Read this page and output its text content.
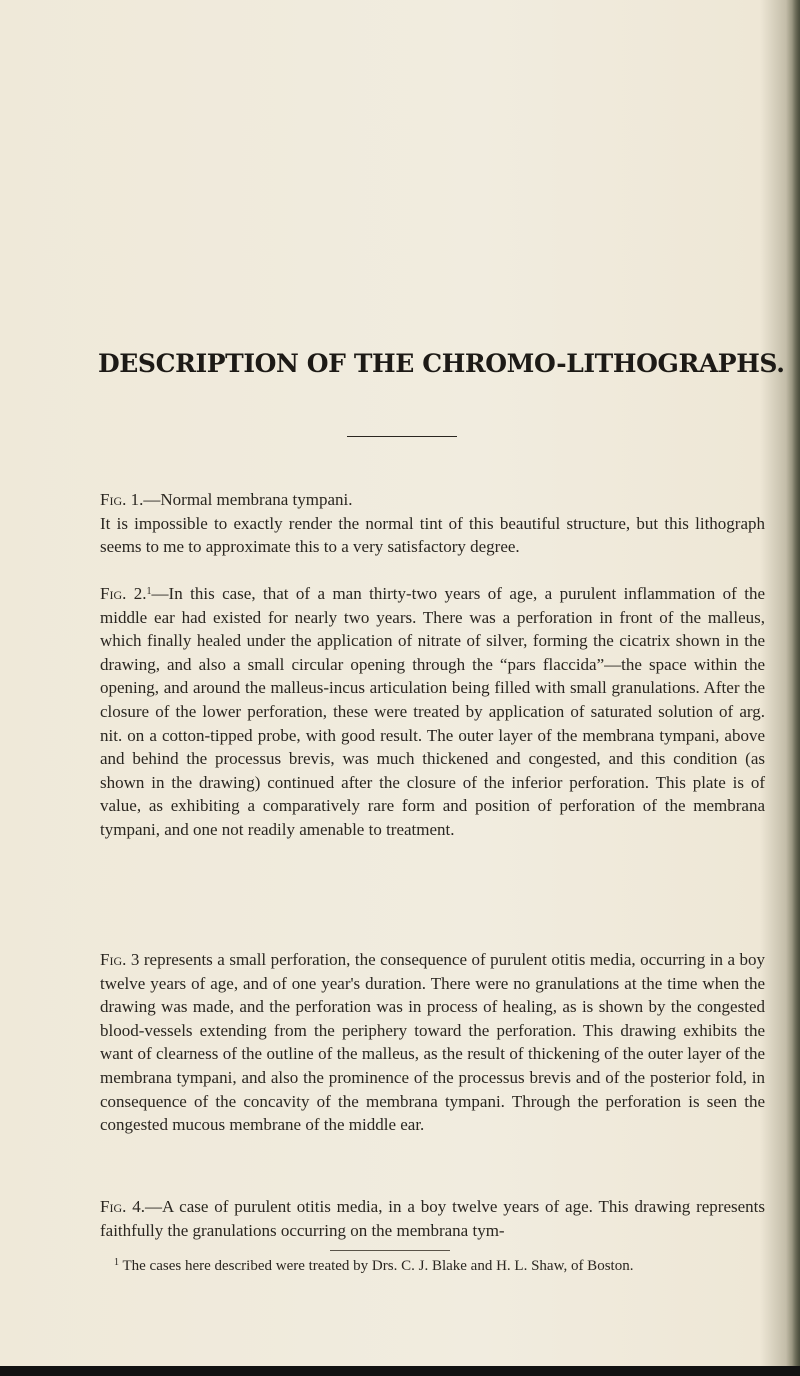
DESCRIPTION OF THE CHROMO-LITHOGRAPHS.

Fig. 1.—Normal membrana tympani.

It is impossible to exactly render the normal tint of this beautiful structure, but this lithograph seems to me to approximate this to a very satisfactory degree.

Fig. 2.$^1$—In this case, that of a man thirty-two years of age, a purulent inflammation of the middle ear had existed for nearly two years. There was a perforation in front of the malleus, which finally healed under the application of nitrate of silver, forming the cicatrix shown in the drawing, and also a small circular opening through the “pars flaccida”—the space within the opening, and around the malleus-incus articulation being filled with small granulations. After the closure of the lower perforation, these were treated by application of saturated solution of arg. nit. on a cotton-tipped probe, with good result. The outer layer of the membrana tympani, above and behind the processus brevis, was much thickened and congested, and this condition (as shown in the drawing) continued after the closure of the inferior perforation. This plate is of value, as exhibiting a comparatively rare form and position of perforation of the membrana tympani, and one not readily amenable to treatment.

Fig. 3 represents a small perforation, the consequence of purulent otitis media, occurring in a boy twelve years of age, and of one year's duration. There were no granulations at the time when the drawing was made, and the perforation was in process of healing, as is shown by the congested blood-vessels extending from the periphery toward the perforation. This drawing exhibits the want of clearness of the outline of the malleus, as the result of thickening of the outer layer of the membrana tympani, and also the prominence of the processus brevis and of the posterior fold, in consequence of the concavity of the membrana tympani. Through the perforation is seen the congested mucous membrane of the middle ear.

Fig. 4.—A case of purulent otitis media, in a boy twelve years of age. This drawing represents faithfully the granulations occurring on the membrana tym-

$^1$ The cases here described were treated by Drs. C. J. Blake and H. L. Shaw, of Boston.
